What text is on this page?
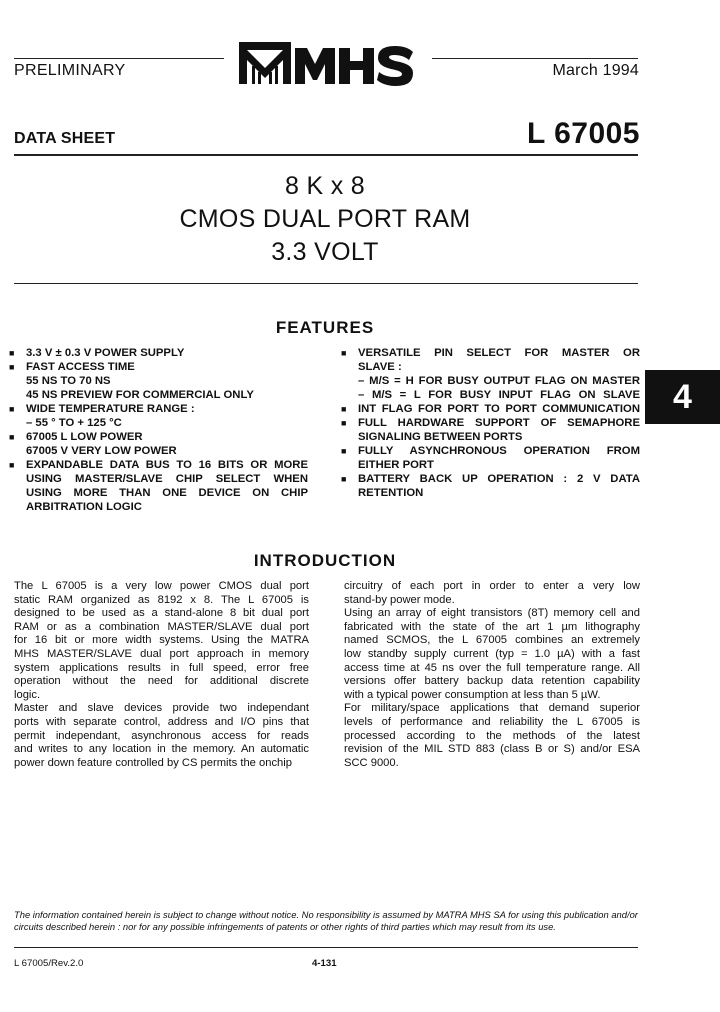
PRELIMINARY	March 1994
DATA SHEET	L 67005
8 K x 8
CMOS DUAL PORT RAM
3.3 VOLT
FEATURES
■ 3.3 V ± 0.3 V POWER SUPPLY
■ FAST ACCESS TIME
55 NS TO 70 NS
45 NS PREVIEW FOR COMMERCIAL ONLY
■ WIDE TEMPERATURE RANGE :
– 55 ° TO + 125 °C
■ 67005 L LOW POWER
67005 V VERY LOW POWER
■ EXPANDABLE DATA BUS TO 16 BITS OR MORE
USING MASTER/SLAVE CHIP SELECT WHEN
USING MORE THAN ONE DEVICE ON CHIP
ARBITRATION LOGIC
■ VERSATILE PIN SELECT FOR MASTER OR
SLAVE :
– M/S = H FOR BUSY OUTPUT FLAG ON MASTER
– M/S = L FOR BUSY INPUT FLAG ON SLAVE
■ INT FLAG FOR PORT TO PORT COMMUNICATION
■ FULL HARDWARE SUPPORT OF SEMAPHORE
SIGNALING BETWEEN PORTS
■ FULLY ASYNCHRONOUS OPERATION FROM
EITHER PORT
■ BATTERY BACK UP OPERATION : 2 V DATA
RETENTION
4
INTRODUCTION
The L 67005 is a very low power CMOS dual port
static RAM organized as 8192 x 8. The L 67005 is
designed to be used as a stand-alone 8 bit dual port
RAM or as a combination MASTER/SLAVE dual port
for 16 bit or more width systems. Using the MATRA
MHS MASTER/SLAVE dual port approach in memory
system applications results in full speed, error free
operation without the need for additional discrete
logic.
Master and slave devices provide two independant
ports with separate control, address and I/O pins that
permit independant, asynchronous access for reads
and writes to any location in the memory. An automatic
power down feature controlled by CS permits the onchip
circuitry of each port in order to enter a very low
stand-by power mode.
Using an array of eight transistors (8T) memory cell and
fabricated with the state of the art 1 µm lithography
named SCMOS, the L 67005 combines an extremely
low standby supply current (typ = 1.0 µA) with a fast
access time at 45 ns over the full temperature range. All
versions offer battery backup data retention capability
with a typical power consumption at less than 5 µW.
For military/space applications that demand superior
levels of performance and reliability the L 67005 is
processed according to the methods of the latest
revision of the MIL STD 883 (class B or S) and/or ESA
SCC 9000.
The information contained herein is subject to change without notice. No responsibility is assumed by MATRA MHS SA for using this publication and/or circuits described herein : nor for any possible infringements of patents or other rights of third parties which may result from its use.
L 67005/Rev.2.0	4-131
